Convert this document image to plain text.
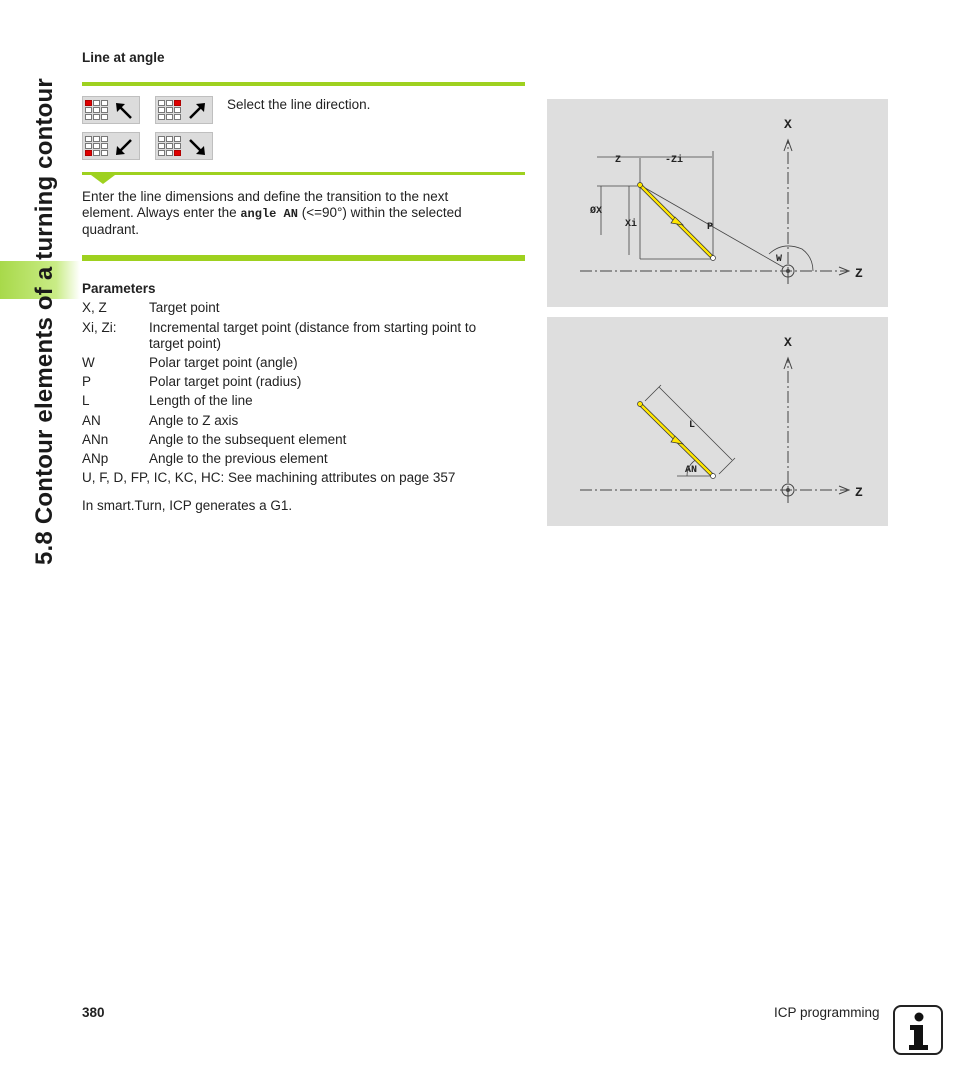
5.8 Contour elements of a turning contour
Line at angle
Select the line direction.
Enter the line dimensions and define the transition to the next
element. Always enter the angle AN (<=90°) within the selected
quadrant.
Parameters
X, Z	Target point
Xi, Zi:	Incremental target point (distance from starting point to
target point)
W	Polar target point (angle)
P	Polar target point (radius)
L	Length of the line
AN	Angle to Z axis
ANn	Angle to the subsequent element
ANp	Angle to the previous element
U, F, D, FP, IC, KC, HC: See machining attributes on page 357
In smart.Turn, ICP generates a G1.
X
Z
Z	-Zi
ØX
Xi	P
W
X
Z
L
AN
380	ICP programming
